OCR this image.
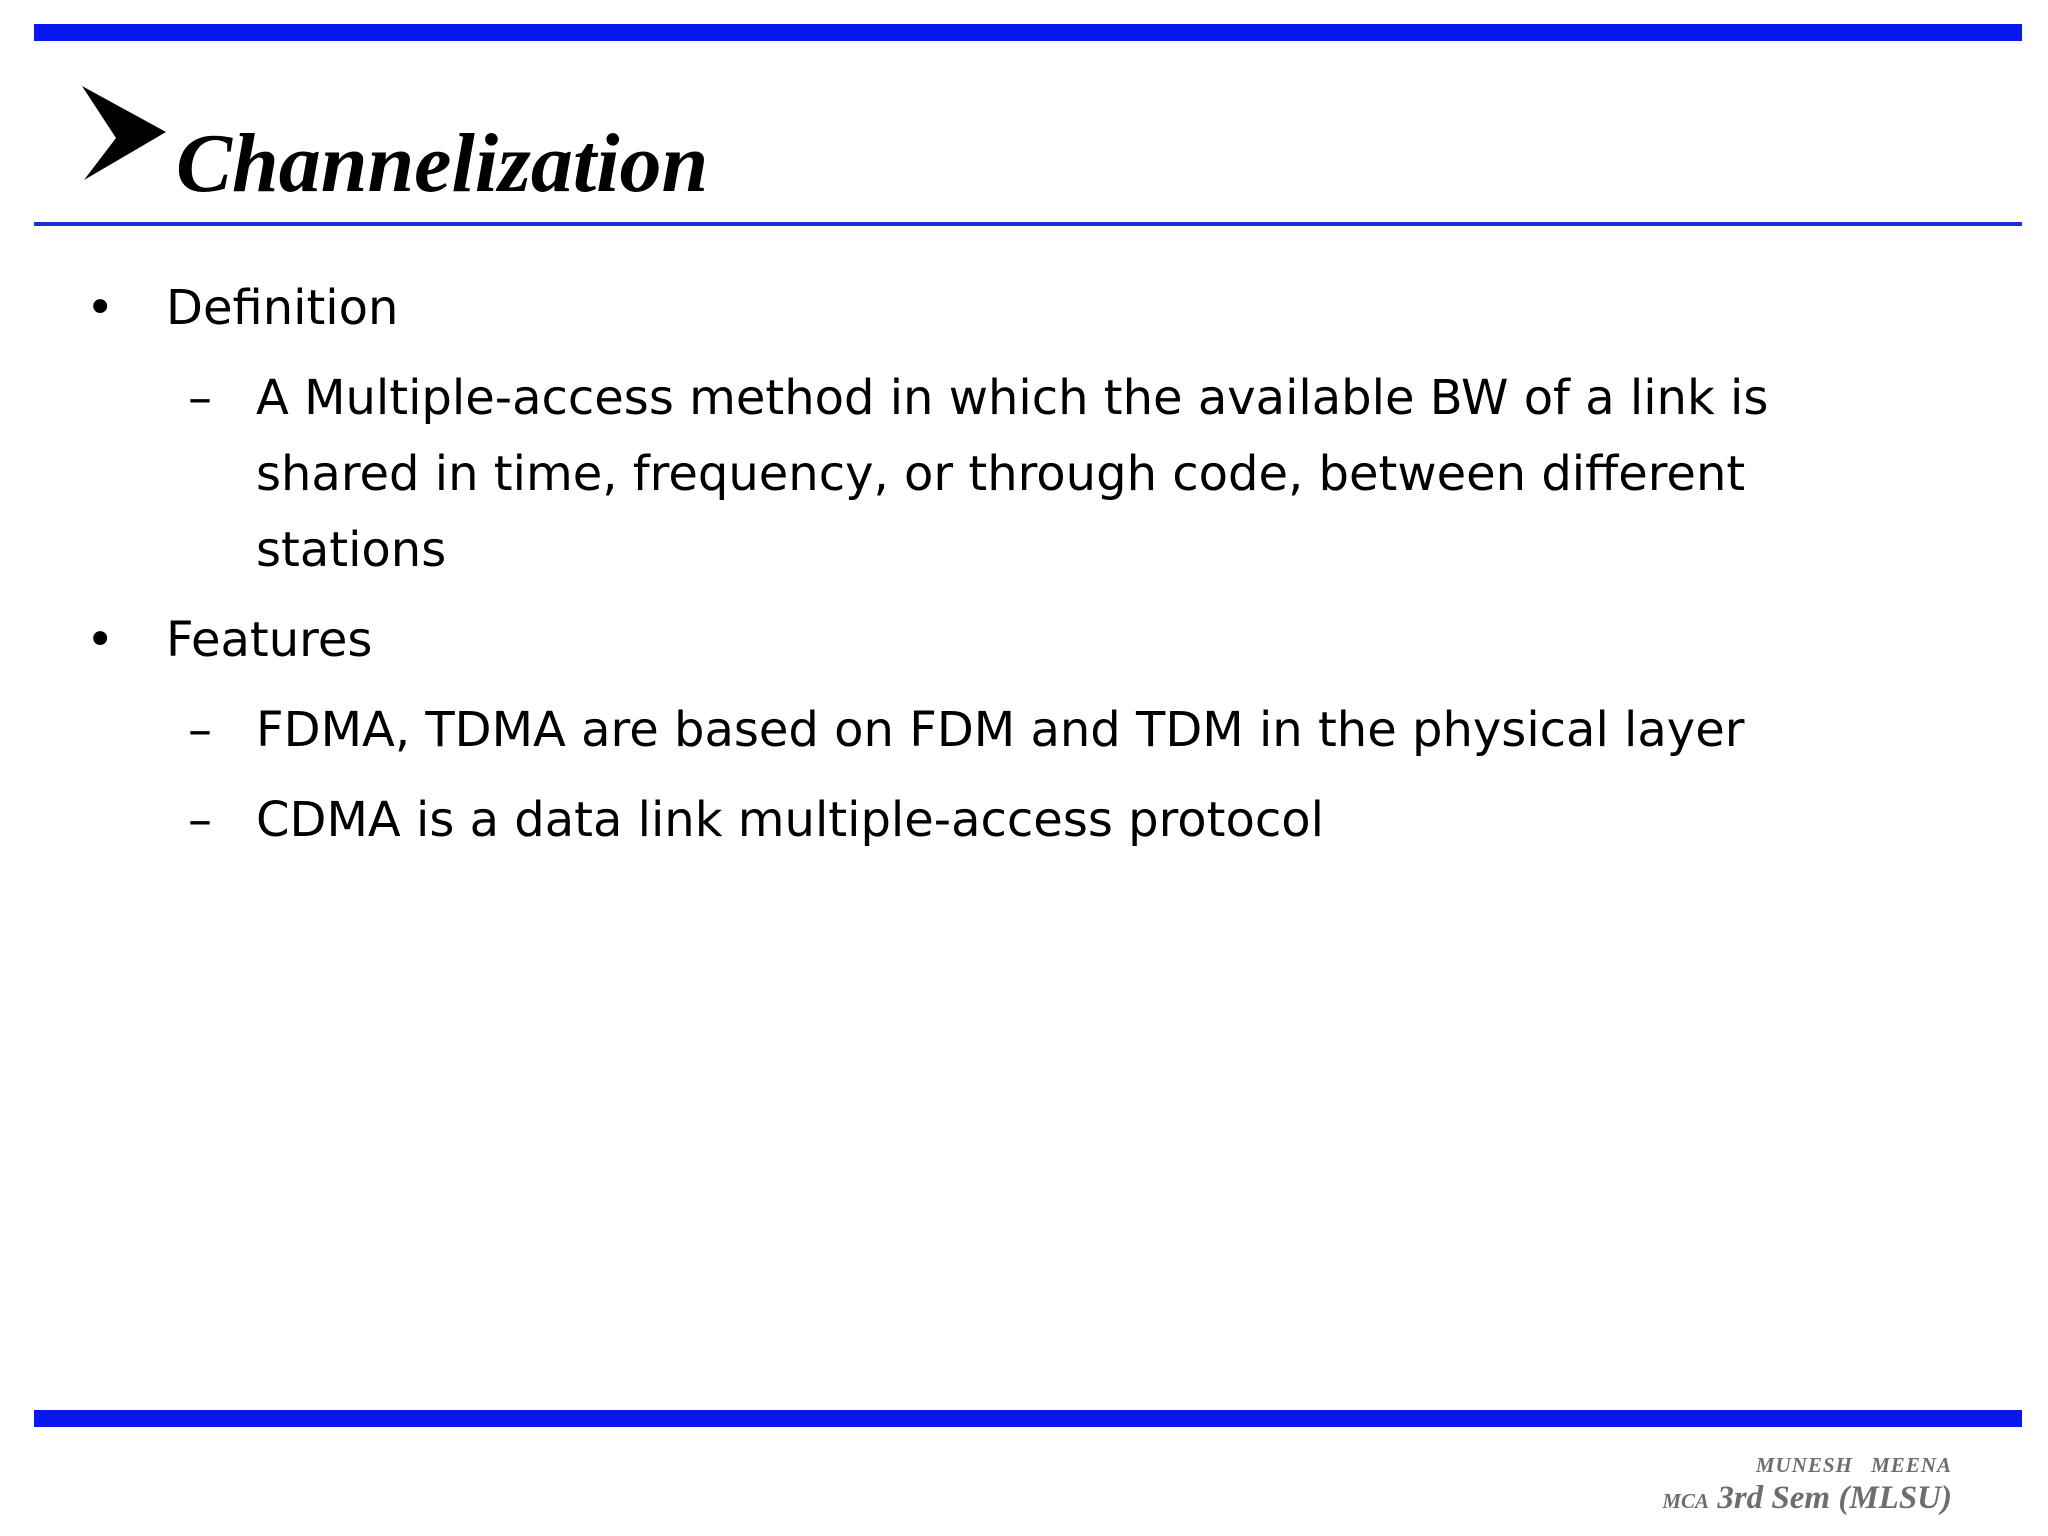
Channelization
• Definition
– A Multiple-access method in which the available BW of a link is
shared in time, frequency, or through code, between different
stations
• Features
– FDMA, TDMA are based on FDM and TDM in the physical layer
– CDMA is a data link multiple-access protocol
MUNESH MEENA
MCA 3rd Sem (MLSU)
